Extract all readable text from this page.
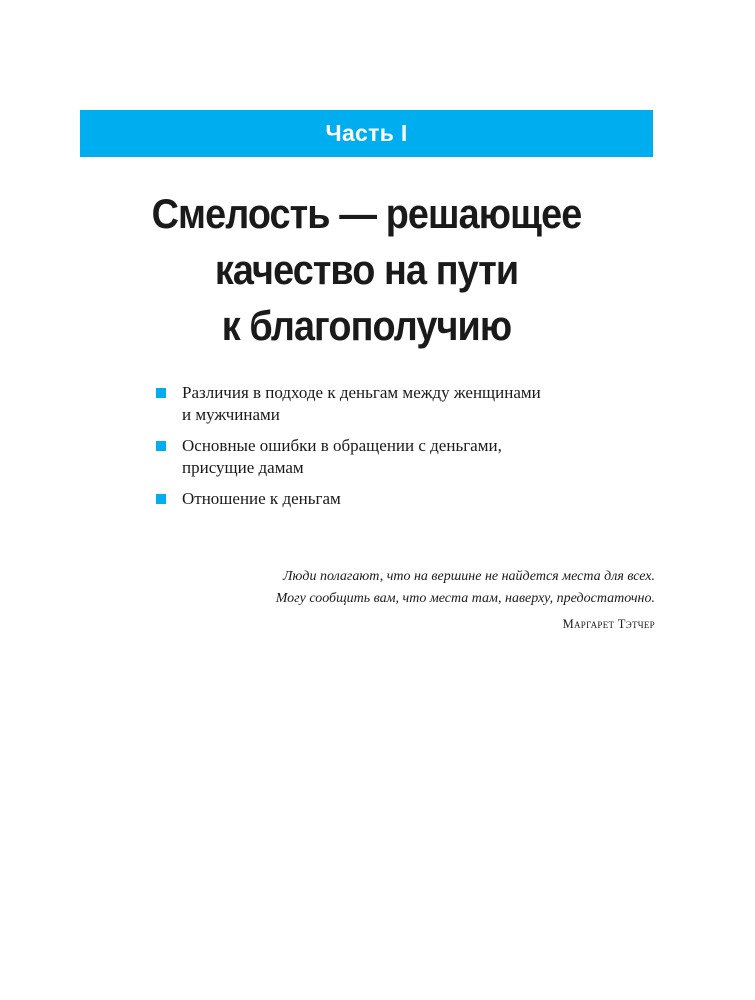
Часть I
Смелость — решающее
качество на пути
к благополучию
Различия в подходе к деньгам между женщинами
и мужчинами
Основные ошибки в обращении с деньгами,
присущие дамам
Отношение к деньгам
Люди полагают, что на вершине не найдется места для всех.
Могу сообщить вам, что места там, наверху, предостаточно.
Маргарет Тэтчер
